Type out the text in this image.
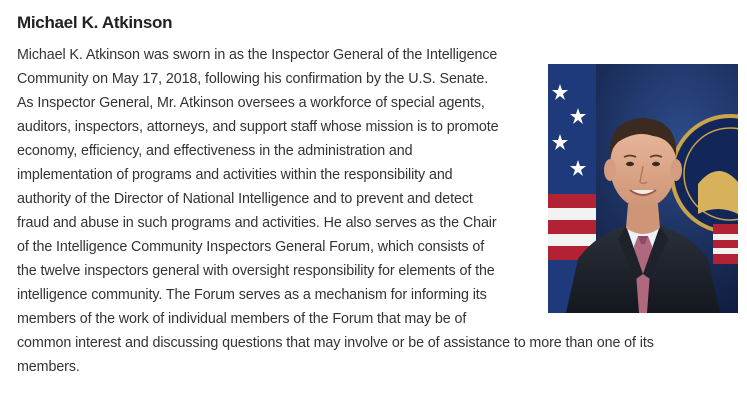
Michael K. Atkinson
Michael K. Atkinson was sworn in as the Inspector General of the Intelligence
Community on May 17, 2018, following his confirmation by the U.S. Senate.
As Inspector General, Mr. Atkinson oversees a workforce of special agents,
auditors, inspectors, attorneys, and support staff whose mission is to promote
economy, efficiency, and effectiveness in the administration and
implementation of programs and activities within the responsibility and
authority of the Director of National Intelligence and to prevent and detect
fraud and abuse in such programs and activities. He also serves as the Chair
of the Intelligence Community Inspectors General Forum, which consists of
the twelve inspectors general with oversight responsibility for elements of the
intelligence community. The Forum serves as a mechanism for informing its
members of the work of individual members of the Forum that may be of
common interest and discussing questions that may involve or be of assistance to more than one of its
members.
